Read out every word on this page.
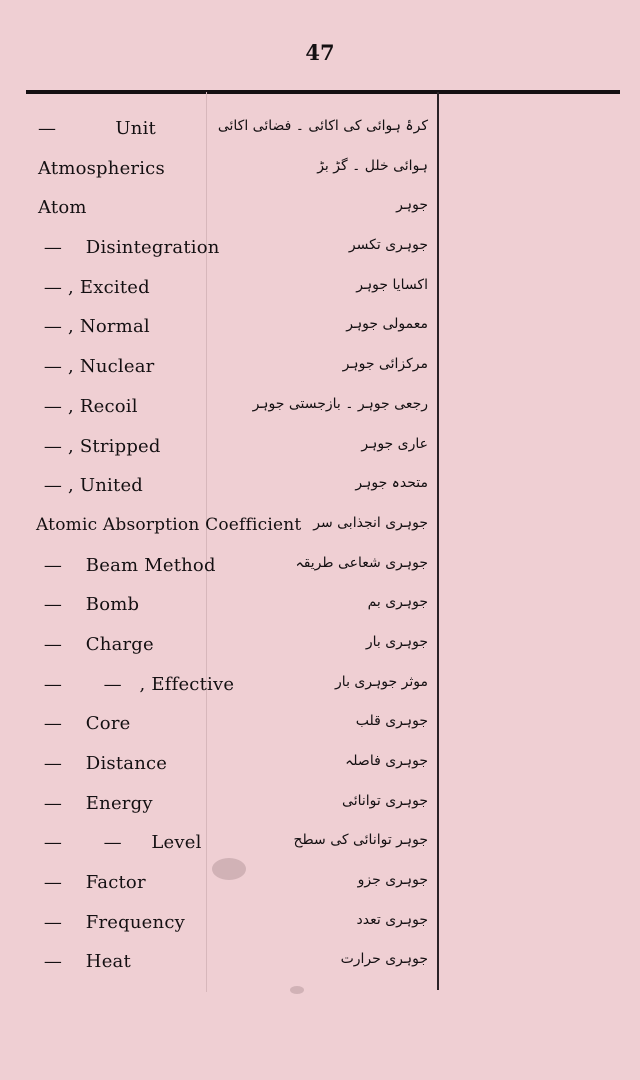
47
—          Unit	کرۂ ہوائی کی اکائی ۔ فضائی اکائی
Atmospherics	ہوائی خلل ۔ گڑ بڑ
Atom	جوہر
—    Disintegration	جوہری تکسر
— , Excited	اکسایا جوہر
— , Normal	معمولی جوہر
— , Nuclear	مرکزائی جوہر
— , Recoil	رجعی جوہر ۔ بازجستی جوہر
— , Stripped	عاری جوہر
— , United	متحدہ جوہر
Atomic Absorption Coefficient جوہری انجذابی سر
—    Beam Method	جوہری شعاعی طریقہ
—    Bomb	جوہری بم
—    Charge	جوہری بار
—       —   , Effective	موثر جوہری بار
—    Core	جوہری قلب
—    Distance	جوہری فاصلہ
—    Energy	جوہری توانائی
—       —     Level	جوہر توانائی کی سطح
—    Factor	جوہری جزو
—    Frequency	جوہری تعدد
—    Heat	جوہری حرارت
